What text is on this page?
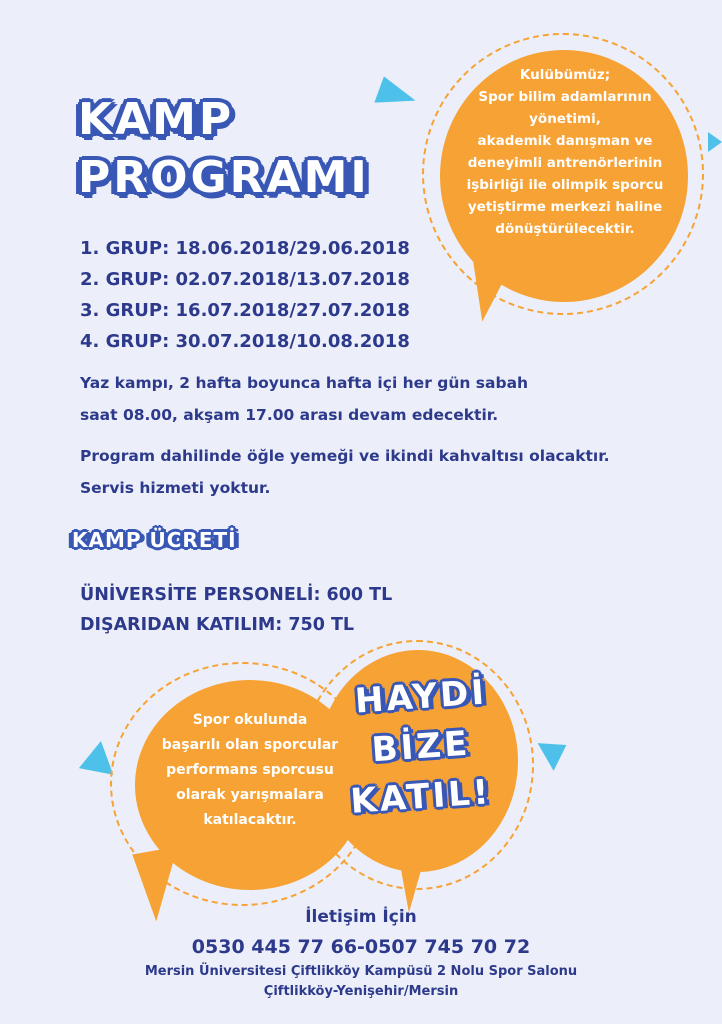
Kulübümüz;
Spor bilim adamlarının
yönetimi,
akademik danışman ve
deneyimli antrenörlerinin
işbirliği ile olimpik sporcu
yetiştirme merkezi haline
dönüştürülecektir.
KAMP
PROGRAMI
1. GRUP: 18.06.2018/29.06.2018
2. GRUP: 02.07.2018/13.07.2018
3. GRUP: 16.07.2018/27.07.2018
4. GRUP: 30.07.2018/10.08.2018
Yaz kampı, 2 hafta boyunca hafta içi her gün sabah
saat 08.00, akşam 17.00 arası devam edecektir.
Program dahilinde öğle yemeği ve ikindi kahvaltısı olacaktır.
Servis hizmeti yoktur.
KAMP ÜCRETİ
ÜNİVERSİTE PERSONELİ: 600 TL
DIŞARIDAN KATILIM: 750 TL
Spor okulunda
başarılı olan sporcular
performans sporcusu
olarak yarışmalara
katılacaktır.
HAYDİ
BİZE
KATIL!
İletişim İçin
0530 445 77 66-0507 745 70 72
Mersin Üniversitesi Çiftlikköy Kampüsü 2 Nolu Spor Salonu
Çiftlikköy-Yenişehir/Mersin
